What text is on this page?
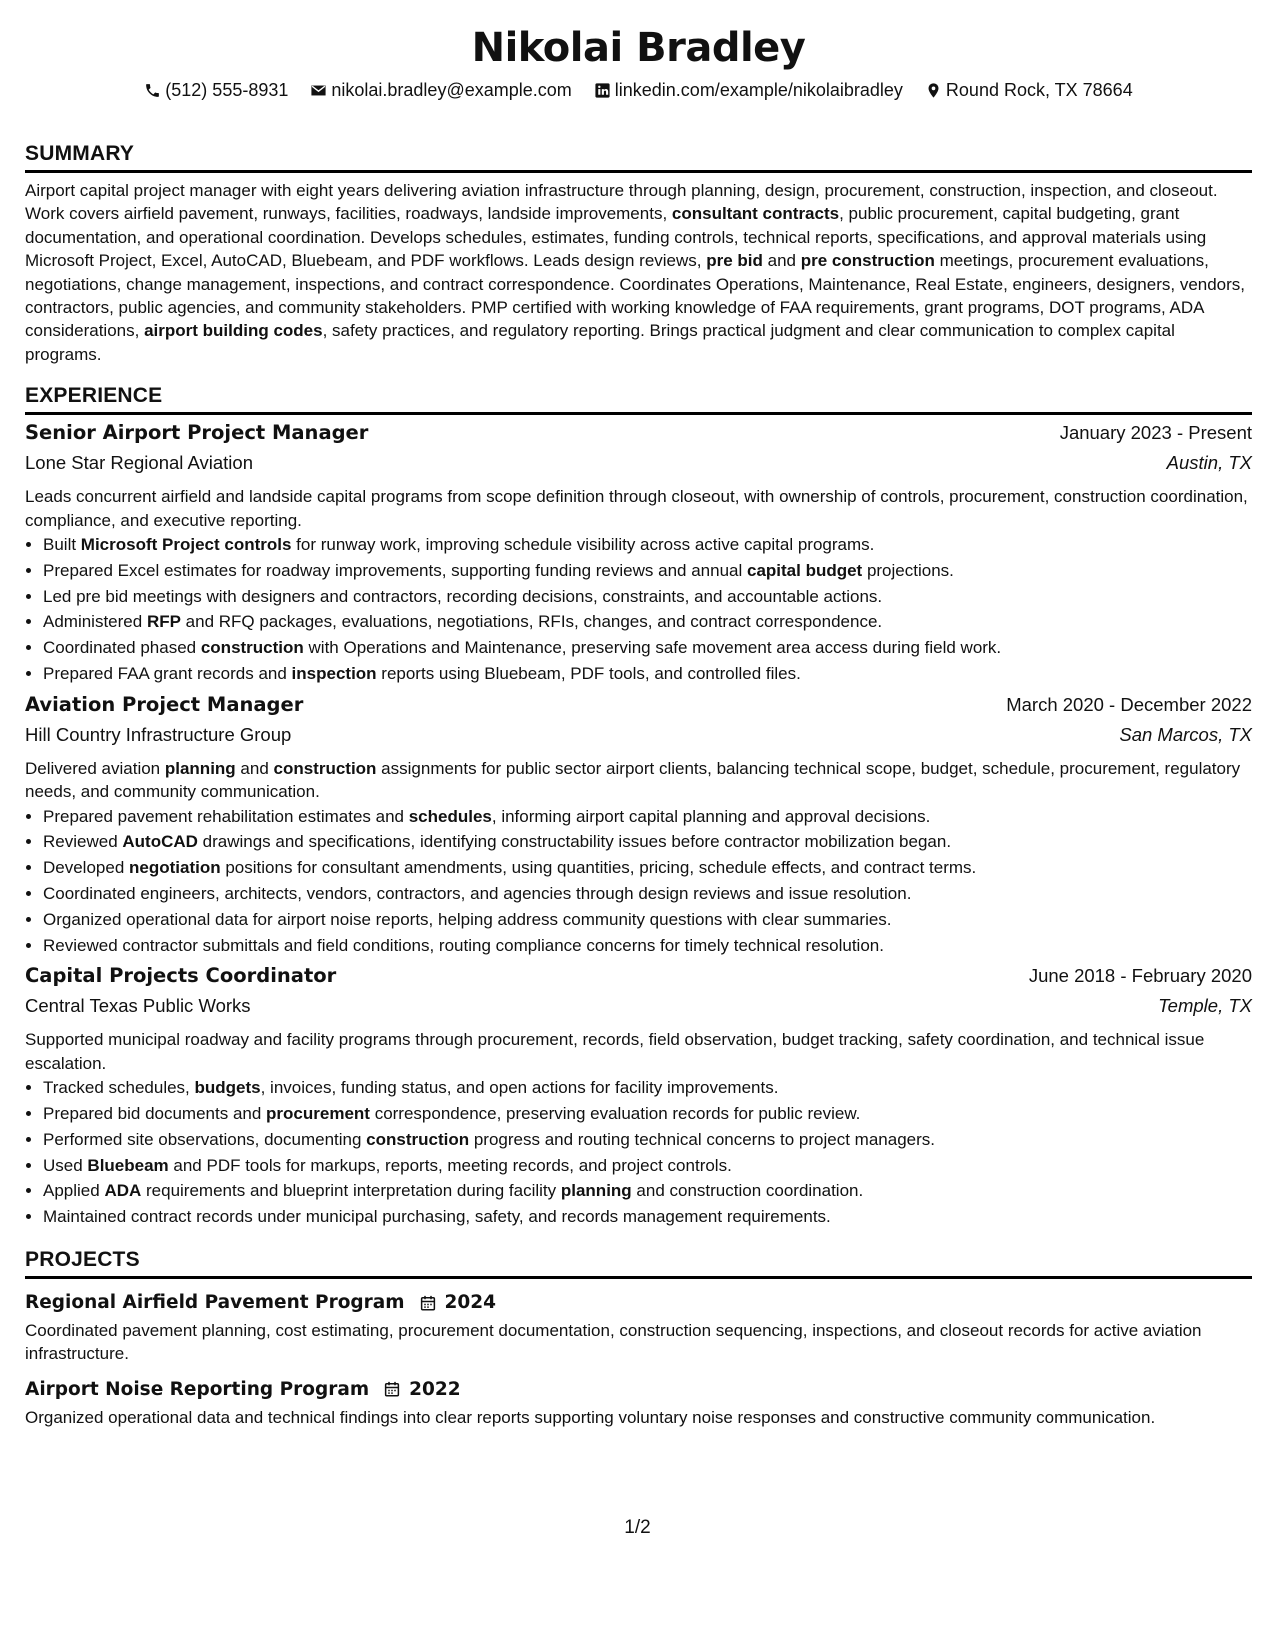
Nikolai Bradley
(512) 555-8931 nikolai.bradley@example.com linkedin.com/example/nikolaibradley Round Rock, TX 78664
SUMMARY
Airport capital project manager with eight years delivering aviation infrastructure through planning, design, procurement, construction, inspection, and closeout. Work covers airfield pavement, runways, facilities, roadways, landside improvements, consultant contracts, public procurement, capital budgeting, grant documentation, and operational coordination. Develops schedules, estimates, funding controls, technical reports, specifications, and approval materials using Microsoft Project, Excel, AutoCAD, Bluebeam, and PDF workflows. Leads design reviews, pre bid and pre construction meetings, procurement evaluations, negotiations, change management, inspections, and contract correspondence. Coordinates Operations, Maintenance, Real Estate, engineers, designers, vendors, contractors, public agencies, and community stakeholders. PMP certified with working knowledge of FAA requirements, grant programs, DOT programs, ADA considerations, airport building codes, safety practices, and regulatory reporting. Brings practical judgment and clear communication to complex capital programs.
EXPERIENCE
Senior Airport Project Manager	January 2023 - Present
Lone Star Regional Aviation	Austin, TX
Leads concurrent airfield and landside capital programs from scope definition through closeout, with ownership of controls, procurement, construction coordination, compliance, and executive reporting.
• Built Microsoft Project controls for runway work, improving schedule visibility across active capital programs.
• Prepared Excel estimates for roadway improvements, supporting funding reviews and annual capital budget projections.
• Led pre bid meetings with designers and contractors, recording decisions, constraints, and accountable actions.
• Administered RFP and RFQ packages, evaluations, negotiations, RFIs, changes, and contract correspondence.
• Coordinated phased construction with Operations and Maintenance, preserving safe movement area access during field work.
• Prepared FAA grant records and inspection reports using Bluebeam, PDF tools, and controlled files.
Aviation Project Manager	March 2020 - December 2022
Hill Country Infrastructure Group	San Marcos, TX
Delivered aviation planning and construction assignments for public sector airport clients, balancing technical scope, budget, schedule, procurement, regulatory needs, and community communication.
• Prepared pavement rehabilitation estimates and schedules, informing airport capital planning and approval decisions.
• Reviewed AutoCAD drawings and specifications, identifying constructability issues before contractor mobilization began.
• Developed negotiation positions for consultant amendments, using quantities, pricing, schedule effects, and contract terms.
• Coordinated engineers, architects, vendors, contractors, and agencies through design reviews and issue resolution.
• Organized operational data for airport noise reports, helping address community questions with clear summaries.
• Reviewed contractor submittals and field conditions, routing compliance concerns for timely technical resolution.
Capital Projects Coordinator	June 2018 - February 2020
Central Texas Public Works	Temple, TX
Supported municipal roadway and facility programs through procurement, records, field observation, budget tracking, safety coordination, and technical issue escalation.
• Tracked schedules, budgets, invoices, funding status, and open actions for facility improvements.
• Prepared bid documents and procurement correspondence, preserving evaluation records for public review.
• Performed site observations, documenting construction progress and routing technical concerns to project managers.
• Used Bluebeam and PDF tools for markups, reports, meeting records, and project controls.
• Applied ADA requirements and blueprint interpretation during facility planning and construction coordination.
• Maintained contract records under municipal purchasing, safety, and records management requirements.
PROJECTS
Regional Airfield Pavement Program 2024
Coordinated pavement planning, cost estimating, procurement documentation, construction sequencing, inspections, and closeout records for active aviation infrastructure.
Airport Noise Reporting Program 2022
Organized operational data and technical findings into clear reports supporting voluntary noise responses and constructive community communication.
1/2
